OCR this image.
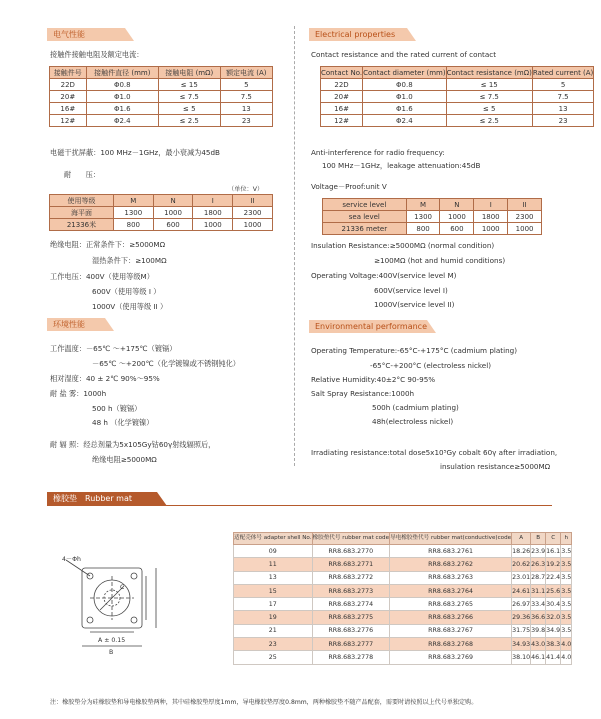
电气性能
接触件接触电阻及额定电流：
接触件号	接触件直径 (mm)	接触电阻 (mΩ)	额定电流 (A)
22D	Φ0.8	≤ 15	5
20#	Φ1.0	≤ 7.5	7.5
16#	Φ1.6	≤ 5	13
12#	Φ2.4	≤ 2.5	23
电磁干扰屏蔽：100 MHz－1GHz，最小衰减为45dB
耐　　压：
（单位：V）
使用等级	M	N	I	II
海平面	1300	1000	1800	2300
21336米	800	600	1000	1000
绝缘电阻：正常条件下：≥5000MΩ
湿热条件下：≥100MΩ
工作电压：400V（使用等级M）
600V（使用等级 I ）
1000V（使用等级 II ）
环境性能
工作温度：－65℃ ～+175℃（镀镉）
－65℃ ～+200℃（化学镀镍或不锈钢钝化）
相对湿度：40 ± 2℃ 90%～95%
耐 盐 雾：1000h
500 h（镀镉）
48 h （化学镀镍）
耐 辐 照：经总剂量为5x105Gy钴60γ射线辐照后，
绝缘电阻≥5000MΩ
Electrical properties
Contact resistance and the rated current of contact
Contact No.	Contact diameter (mm)	Contact resistance (mΩ)	Rated current (A)
22D	Φ0.8	≤ 15	5
20#	Φ1.0	≤ 7.5	7.5
16#	Φ1.6	≤ 5	13
12#	Φ2.4	≤ 2.5	23
Anti-interference for radio frequency:
100 MHz－1GHz，leakage attenuation:45dB
Voltage－Proof:unit V
service level	M	N	I	II
sea level	1300	1000	1800	2300
21336 meter	800	600	1000	1000
Insulation Resistance:≥5000MΩ (normal condition)
≥100MΩ (hot and humid conditions)
Operating Voltage:400V(service level M)
600V(service level I)
1000V(service level II)
Environmental performance
Operating Temperature:-65°C-+175°C (cadmium plating)
-65°C-+200°C (electroless nickel)
Relative Humidity:40±2°C 90-95%
Salt Spray Resistance:1000h
500h (cadmium plating)
48h(electroless nickel)
Irradiating resistance:total dose5x10⁵Gy cobalt 60γ after irradiation,
insulation resistance≥5000MΩ
橡胶垫　Rubber mat
4－Φh
A ± 0.15
B
C
适配壳体号 adapter shell No.	橡胶垫代号 rubber mat code	导电橡胶垫代号 rubber mat(conductive)code	A	B	C	h
09	RR8.683.2770	RR8.683.2761	18.26	23.9	16.1	3.5
11	RR8.683.2771	RR8.683.2762	20.62	26.3	19.2	3.5
13	RR8.683.2772	RR8.683.2763	23.01	28.7	22.4	3.5
15	RR8.683.2773	RR8.683.2764	24.61	31.1	25.6	3.5
17	RR8.683.2774	RR8.683.2765	26.97	33.4	30.4	3.5
19	RR8.683.2775	RR8.683.2766	29.36	36.6	32.0	3.5
21	RR8.683.2776	RR8.683.2767	31.75	39.8	34.9	3.5
23	RR8.683.2777	RR8.683.2768	34.93	43.0	38.3	4.0
25	RR8.683.2778	RR8.683.2769	38.10	46.1	41.4	4.0
注：橡胶垫分为硅橡胶垫和导电橡胶垫两种，其中硅橡胶垫厚度1mm，导电橡胶垫厚度0.8mm，两种橡胶垫不随产品配套，需要时请按照以上代号单独定购。
